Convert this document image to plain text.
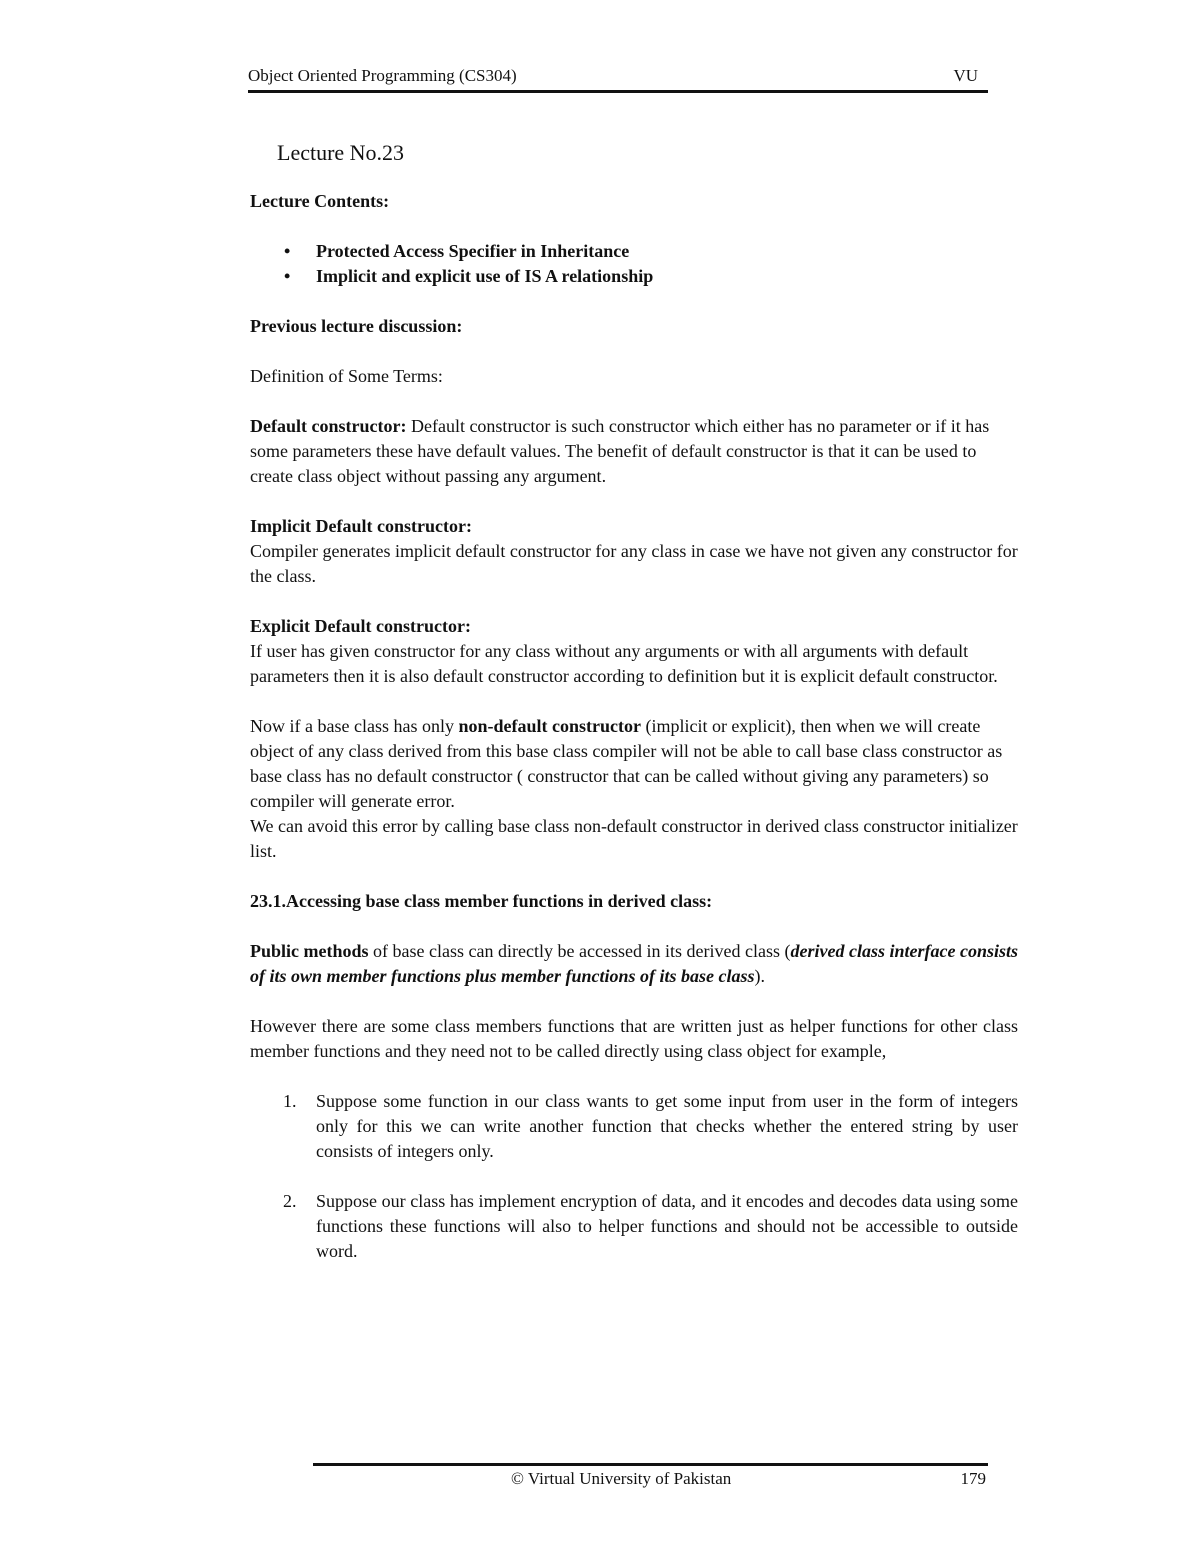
Object Oriented Programming (CS304)	VU
Lecture No.23

Lecture Contents:

• Protected Access Specifier in Inheritance
• Implicit and explicit use of IS A relationship

Previous lecture discussion:

Definition of Some Terms:

Default constructor: Default constructor is such constructor which either has no parameter or if it has some parameters these have default values. The benefit of default constructor is that it can be used to create class object without passing any argument.

Implicit Default constructor:

Compiler generates implicit default constructor for any class in case we have not given any constructor for the class.

Explicit Default constructor:

If user has given constructor for any class without any arguments or with all arguments with default parameters then it is also default constructor according to definition but it is explicit default constructor.

Now if a base class has only non-default constructor (implicit or explicit), then when we will create object of any class derived from this base class compiler will not be able to call base class constructor as base class has no default constructor ( constructor that can be called without giving any parameters) so compiler will generate error.

We can avoid this error by calling base class non-default constructor in derived class constructor initializer list.

23.1.Accessing base class member functions in derived class:

Public methods of base class can directly be accessed in its derived class (derived class interface consists of its own member functions plus member functions of its base class).

However there are some class members functions that are written just as helper functions for other class member functions and they need not to be called directly using class object for example,

1. Suppose some function in our class wants to get some input from user in the form of integers only for this we can write another function that checks whether the entered string by user consists of integers only.
2. Suppose our class has implement encryption of data, and it encodes and decodes data using some functions these functions will also to helper functions and should not be accessible to outside word.
© Virtual University of Pakistan	179
